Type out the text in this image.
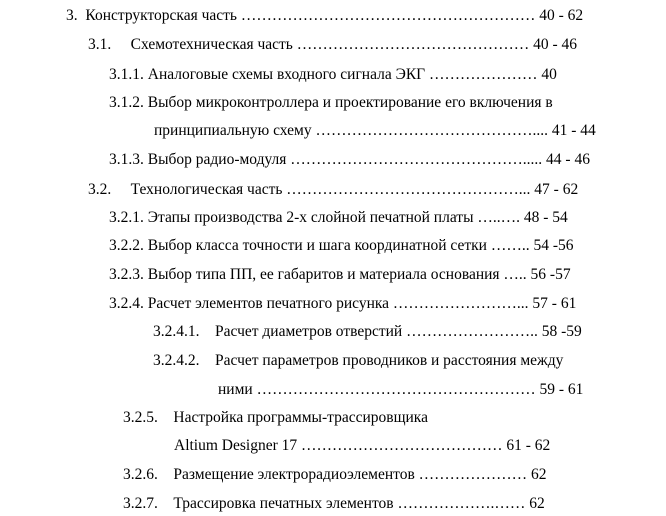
3.  Конструкторская часть ………………………………………………… 40 - 62
3.1.     Схемотехническая часть ……………………………………… 40 - 46
3.1.1. Аналоговые схемы входного сигнала ЭКГ ………………… 40
3.1.2. Выбор микроконтроллера и проектирование его включения в
принципиальную схему …………………………………….... 41 - 44
3.1.3. Выбор радио-модуля ………………………………………..... 44 - 46
3.2.     Технологическая часть ………………………………………... 47 - 62
3.2.1. Этапы производства 2-х слойной печатной платы …..…. 48 - 54
3.2.2. Выбор класса точности и шага координатной сетки …….. 54 -56
3.2.3. Выбор типа ПП, ее габаритов и материала основания ….. 56 -57
3.2.4. Расчет элементов печатного рисунка ……………………... 57 - 61
3.2.4.1.    Расчет диаметров отверстий …………………….. 58 -59
3.2.4.2.    Расчет параметров проводников и расстояния между
ними ……………………………………………… 59 - 61
3.2.5.    Настройка программы-трассировщика
Altium Designer 17 ………………………………… 61 - 62
3.2.6.    Размещение электрорадиоэлементов ………………… 62
3.2.7.    Трассировка печатных элементов ……………….…… 62
